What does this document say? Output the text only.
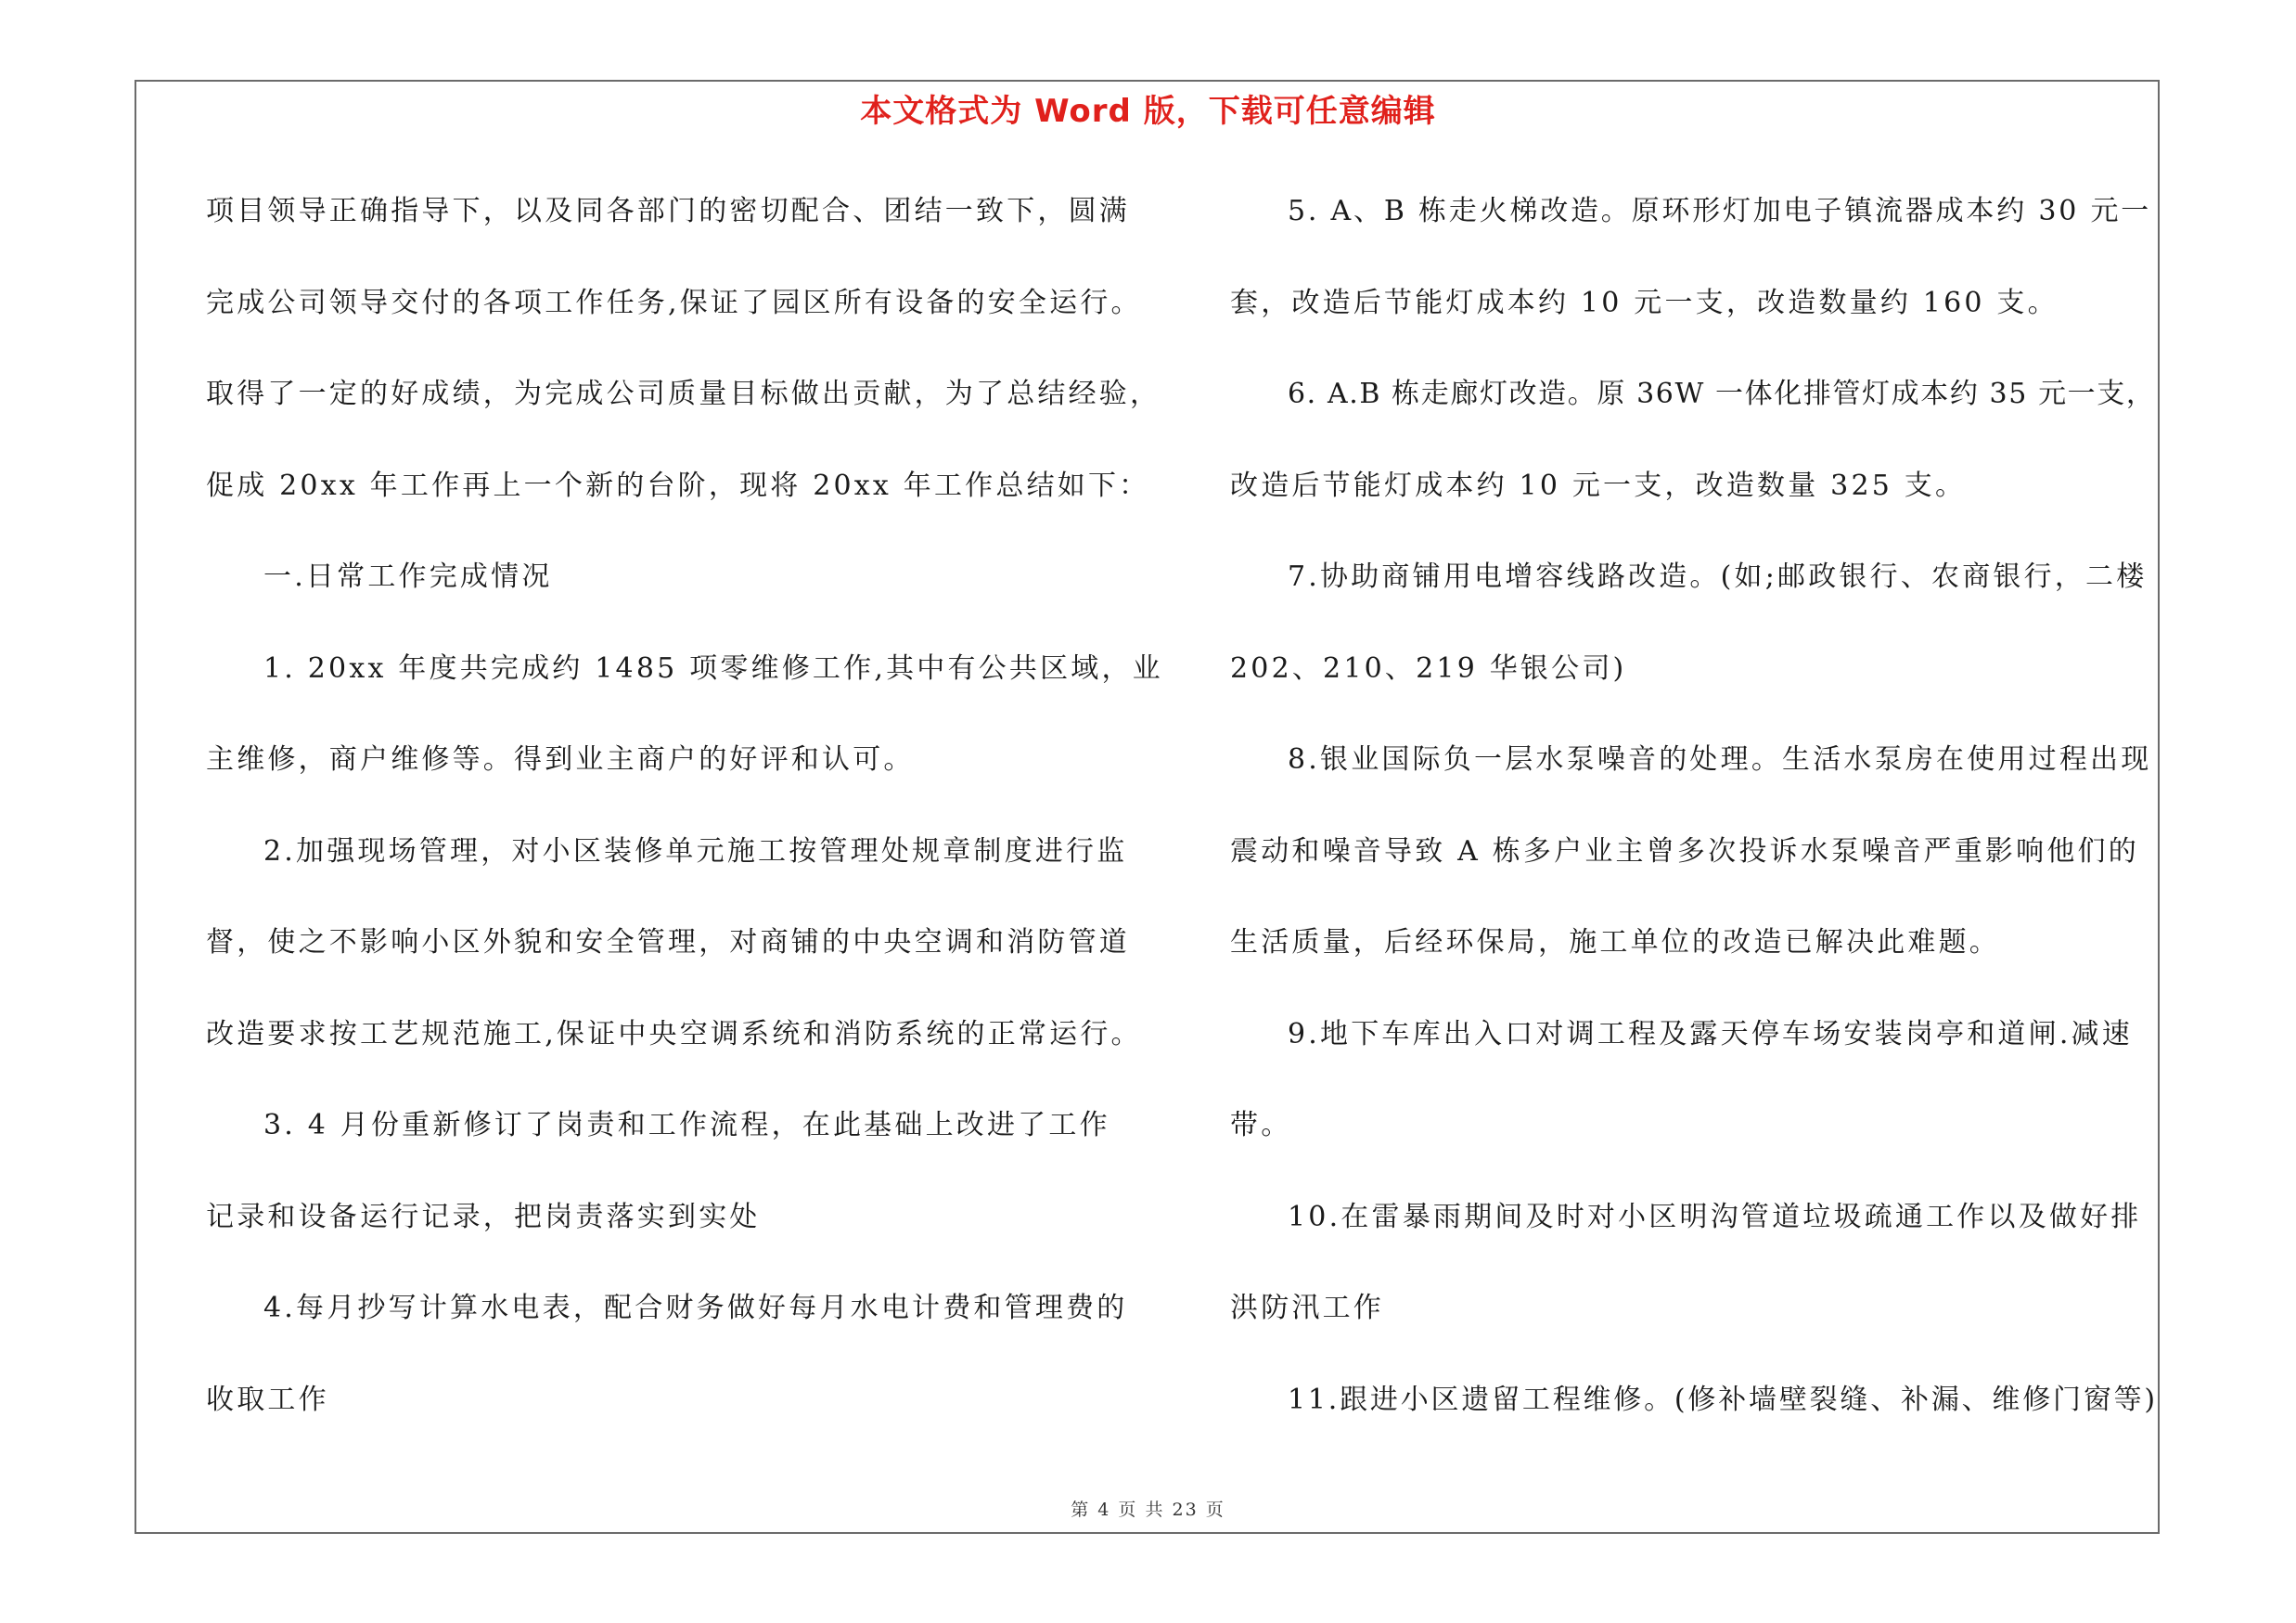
本文格式为 Word 版，下载可任意编辑
项目领导正确指导下，以及同各部门的密切配合、团结一致下，圆满
完成公司领导交付的各项工作任务,保证了园区所有设备的安全运行。
取得了一定的好成绩，为完成公司质量目标做出贡献，为了总结经验，
促成 20xx 年工作再上一个新的台阶，现将 20xx 年工作总结如下：
一.日常工作完成情况
1. 20xx 年度共完成约 1485 项零维修工作,其中有公共区域，业
主维修，商户维修等。得到业主商户的好评和认可。
2.加强现场管理，对小区装修单元施工按管理处规章制度进行监
督，使之不影响小区外貌和安全管理，对商铺的中央空调和消防管道
改造要求按工艺规范施工,保证中央空调系统和消防系统的正常运行。
3. 4 月份重新修订了岗责和工作流程，在此基础上改进了工作
记录和设备运行记录，把岗责落实到实处
4.每月抄写计算水电表，配合财务做好每月水电计费和管理费的
收取工作
5. A、B 栋走火梯改造。原环形灯加电子镇流器成本约 30 元一
套，改造后节能灯成本约 10 元一支，改造数量约 160 支。
6. A.B 栋走廊灯改造。原 36W 一体化排管灯成本约 35 元一支，
改造后节能灯成本约 10 元一支，改造数量 325 支。
7.协助商铺用电增容线路改造。(如;邮政银行、农商银行，二楼
202、210、219 华银公司)
8.银业国际负一层水泵噪音的处理。生活水泵房在使用过程出现
震动和噪音导致 A 栋多户业主曾多次投诉水泵噪音严重影响他们的
生活质量，后经环保局，施工单位的改造已解决此难题。
9.地下车库出入口对调工程及露天停车场安装岗亭和道闸.减速
带。
10.在雷暴雨期间及时对小区明沟管道垃圾疏通工作以及做好排
洪防汛工作
11.跟进小区遗留工程维修。(修补墙壁裂缝、补漏、维修门窗等)
第 4 页 共 23 页
